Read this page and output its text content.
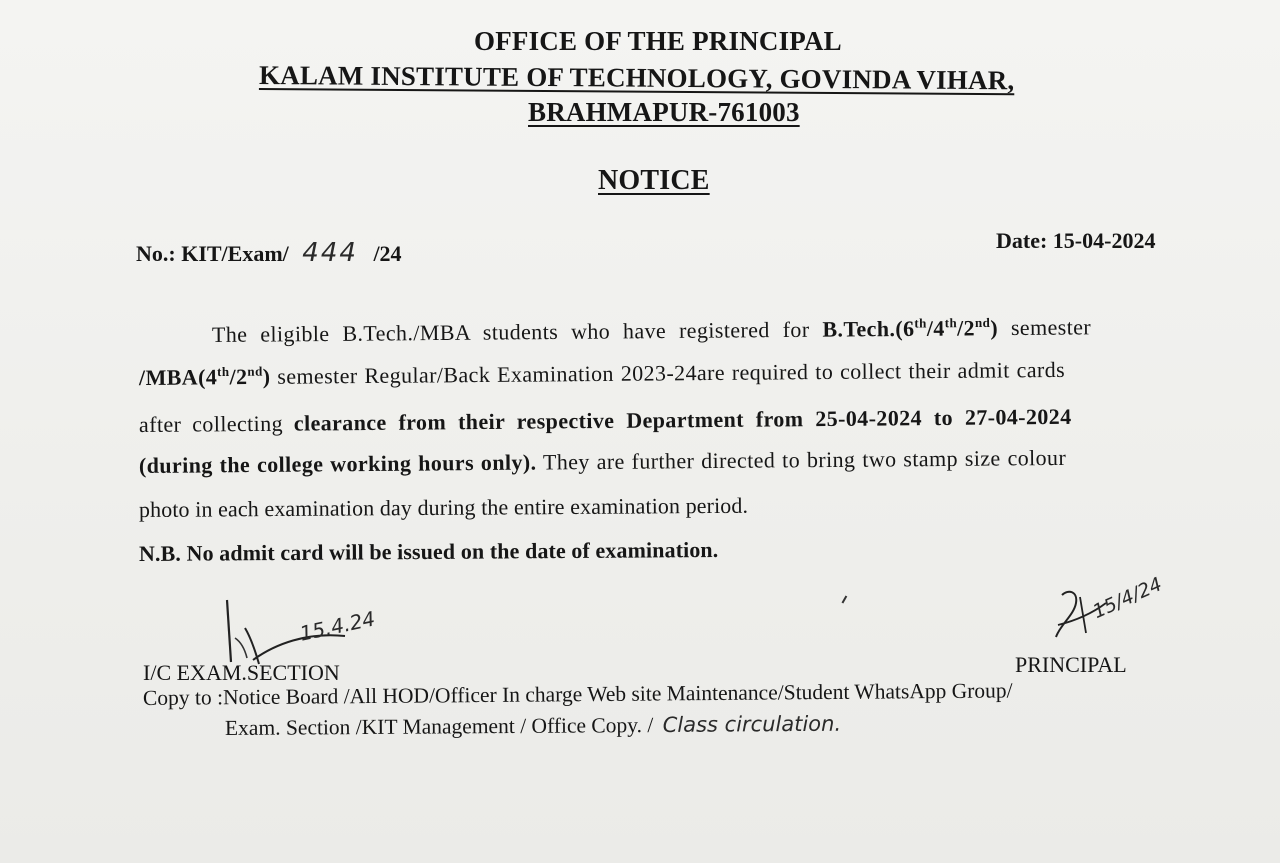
OFFICE OF THE PRINCIPAL
KALAM INSTITUTE OF TECHNOLOGY, GOVINDA VIHAR,
BRAHMAPUR-761003
NOTICE
No.: KIT/Exam/ 444 /24
Date: 15-04-2024
The eligible B.Tech./MBA students who have registered for B.Tech.(6th/4th/2nd) semester
/MBA(4th/2nd) semester Regular/Back Examination 2023-24are required to collect their admit cards
after collecting clearance from their respective Department from 25-04-2024 to 27-04-2024
(during the college working hours only). They are further directed to bring two stamp size colour
photo in each examination day during the entire examination period.
N.B. No admit card will be issued on the date of examination.
15.4.24
I/C EXAM.SECTION
15/4/24
PRINCIPAL
Copy to :Notice Board /All HOD/Officer In charge Web site Maintenance/Student WhatsApp Group/
Exam. Section /KIT Management / Office Copy. / Class circulation.
